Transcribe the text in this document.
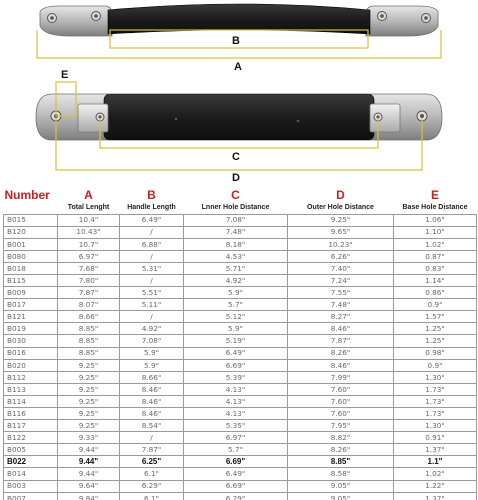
B
A
E
C
D
Number	A	B	C	D	E
	Total Lenght	Handle Length	Lnner Hole Distance	Outer Hole Distance	Base Hole Distance
B015	10.4"	6.49"	7.08"	9.25"	1.06"
B120	10.43"	/	7.48"	9.65"	1.10"
B001	10.7"	6.88"	8.18"	10.23"	1.02"
B080	6.97"	/	4.53"	6.26"	0.87"
B018	7.68"	5.31"	5.71"	7.40"	0.83"
B115	7.80"	/	4.92"	7.24"	1.14"
B009	7.87"	5.51"	5.9"	7.55"	0.86"
B017	8.07"	5.11"	5.7"	7.48"	0.9"
B121	8.66"	/	5.12"	8.27"	1.57"
B019	8.85"	4.92"	5.9"	8.46"	1.25"
B030	8.85"	7.08"	5.19"	7.87"	1.25"
B016	8.85"	5.9"	6.49"	8.26"	0.98"
B020	9.25"	5.9"	6.69"	8.46"	0.9"
B112	9.25"	8.66"	5.39"	7.99"	1.30"
B113	9.25"	8.46"	4.13"	7.60"	1.73"
B114	9.25"	8.46"	4.13"	7.60"	1.73"
B116	9.25"	8.46"	4.13"	7.60"	1.73"
B117	9.25"	8.54"	5.35"	7.95"	1.30"
B122	9.33"	/	6.97"	8.82"	0.91"
B005	9.44"	7.87"	5.7"	8.26"	1.37"
B022	9.44"	6.25"	6.69"	8.85"	1.1"
B014	9.44"	6.1"	6.49"	8.58"	1.02"
B003	9.64"	6.29"	6.69"	9.05"	1.22"
B007	9.84"	6.1"	6.29"	9.05"	1.37"
